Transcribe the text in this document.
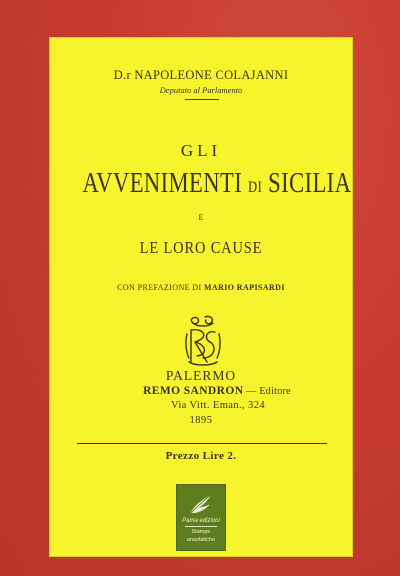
D.r NAPOLEONE COLAJANNI
Deputato al Parlamento
GLI
AVVENIMENTI DI SICILIA
E
LE LORO CAUSE
CON PREFAZIONE DI MARIO RAPISARDI
PALERMO
REMO SANDRON — Editore
Via Vitt. Eman., 324
1895
Prezzo Lire 2.
Pama edizioni
Stampe
anastatiche
